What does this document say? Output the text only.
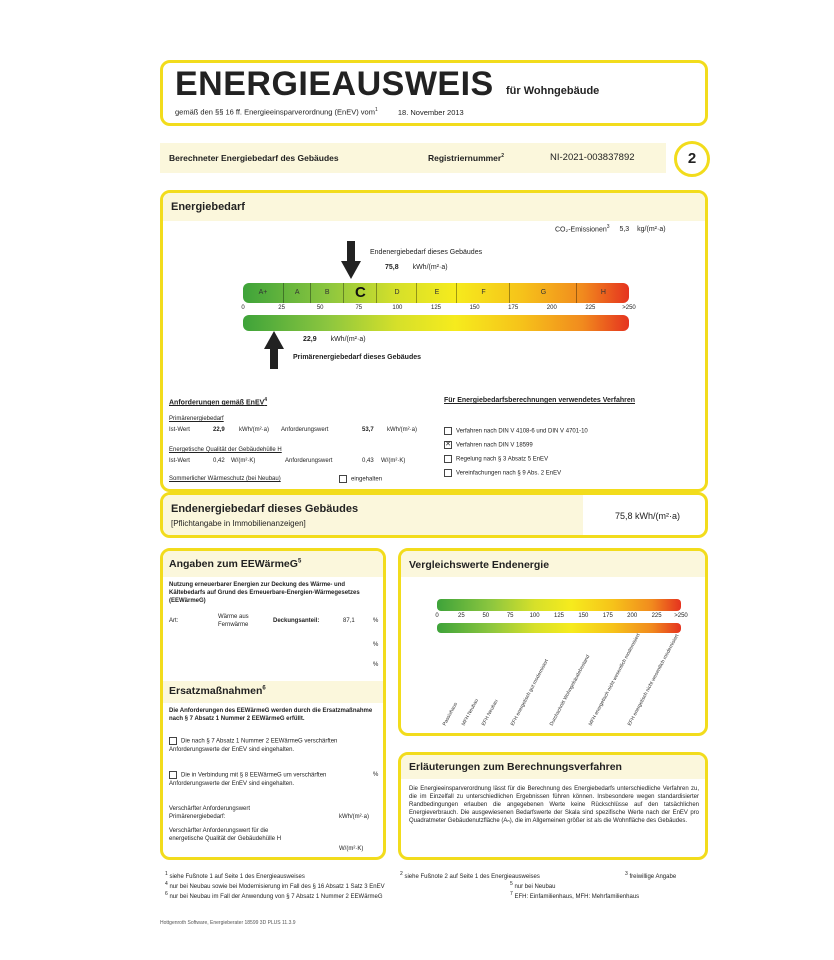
ENERGIEAUSWEIS für Wohngebäude
gemäß den §§ 16 ff. Energieeinsparverordnung (EnEV) vom$^1$	18. November 2013
Berechneter Energiebedarf des Gebäudes	Registriernummer$^2$	NI-2021-003837892	2
Energiebedarf
CO₂-Emissionen$^3$ 5,3 kg/(m²·a)
Endenergiebedarf dieses Gebäudes
75,8 kWh/(m²·a)
A+	A	B	C	D	E	F	G	H
0	25	50	75	100	125	150	175	200	225	>250
22,9 kWh/(m²·a)
Primärenergiebedarf dieses Gebäudes
Anforderungen gemäß EnEV$^4$
Primärenergiebedarf
Ist-Wert	22,9 kWh/(m²·a) Anforderungswert	53,7 kWh/(m²·a)
Energetische Qualität der Gebäudehülle H
Ist-Wert	0,42 W/(m²·K)	Anforderungswert	0,43 W/(m²·K)
Sommerlicher Wärmeschutz (bei Neubau)	eingehalten
Für Energiebedarfsberechnungen verwendetes Verfahren
Verfahren nach DIN V 4108-6 und DIN V 4701-10
✕ Verfahren nach DIN V 18599
Regelung nach § 3 Absatz 5 EnEV
Vereinfachungen nach § 9 Abs. 2 EnEV
Endenergiebedarf dieses Gebäudes
[Pflichtangabe in Immobilienanzeigen]
75,8 kWh/(m²·a)
Angaben zum EEWärmeG$^5$
Nutzung erneuerbarer Energien zur Deckung des Wärme- und Kältebedarfs auf Grund des Erneuerbare-Energien-Wärmegesetzes (EEWärmeG)
Art:
Wärme aus Fernwärme
Deckungsanteil:	87,1	%
%
%
Ersatzmaßnahmen$^6$
Die Anforderungen des EEWärmeG werden durch die Ersatzmaßnahme nach § 7 Absatz 1 Nummer 2 EEWärmeG erfüllt.
Die nach § 7 Absatz 1 Nummer 2 EEWärmeG verschärften Anforderungswerte der EnEV sind eingehalten.
Die in Verbindung mit § 8 EEWärmeG um verschärften Anforderungswerte der EnEV sind eingehalten.
%
Verschärfter Anforderungswert Primärenergiebedarf:	kWh/(m²·a)
Verschärfter Anforderungswert für die energetische Qualität der Gebäudehülle H
W/(m²·K)
Vergleichswerte Endenergie
0	25	50	75	100 125 150 175 200 225 >250
Passivhaus MFH Neubau EFH Neubau EFH energetisch gut modernisiert
Durchschnitt Wohngebäudebestand
MFH energetisch nicht wesentlich modernisiert
EFH energetisch nicht wesentlich modernisiert
Erläuterungen zum Berechnungsverfahren
Die Energieeinsparverordnung lässt für die Berechnung des Energiebedarfs unterschiedliche Verfahren zu, die im Einzelfall zu unterschiedlichen Ergebnissen führen können. Insbesondere wegen standardisierter Randbedingungen erlauben die angegebenen Werte keine Rückschlüsse auf den tatsächlichen Energieverbrauch. Die ausgewiesenen Bedarfswerte der Skala sind spezifische Werte nach der EnEV pro Quadratmeter Gebäudenutzfläche (Aₙ), die im Allgemeinen größer ist als die Wohnfläche des Gebäudes.
$^1$ siehe Fußnote 1 auf Seite 1 des Energieausweises	$^2$ siehe Fußnote 2 auf Seite 1 des Energieausweises	$^3$ freiwillige Angabe
$^4$ nur bei Neubau sowie bei Modernisierung im Fall des § 16 Absatz 1 Satz 3 EnEV	$^5$ nur bei Neubau
$^6$ nur bei Neubau im Fall der Anwendung von § 7 Absatz 1 Nummer 2 EEWärmeG	$^7$ EFH: Einfamilienhaus, MFH: Mehrfamilienhaus
Hottgenroth Software, Energieberater 18599 3D PLUS 11.3.9
